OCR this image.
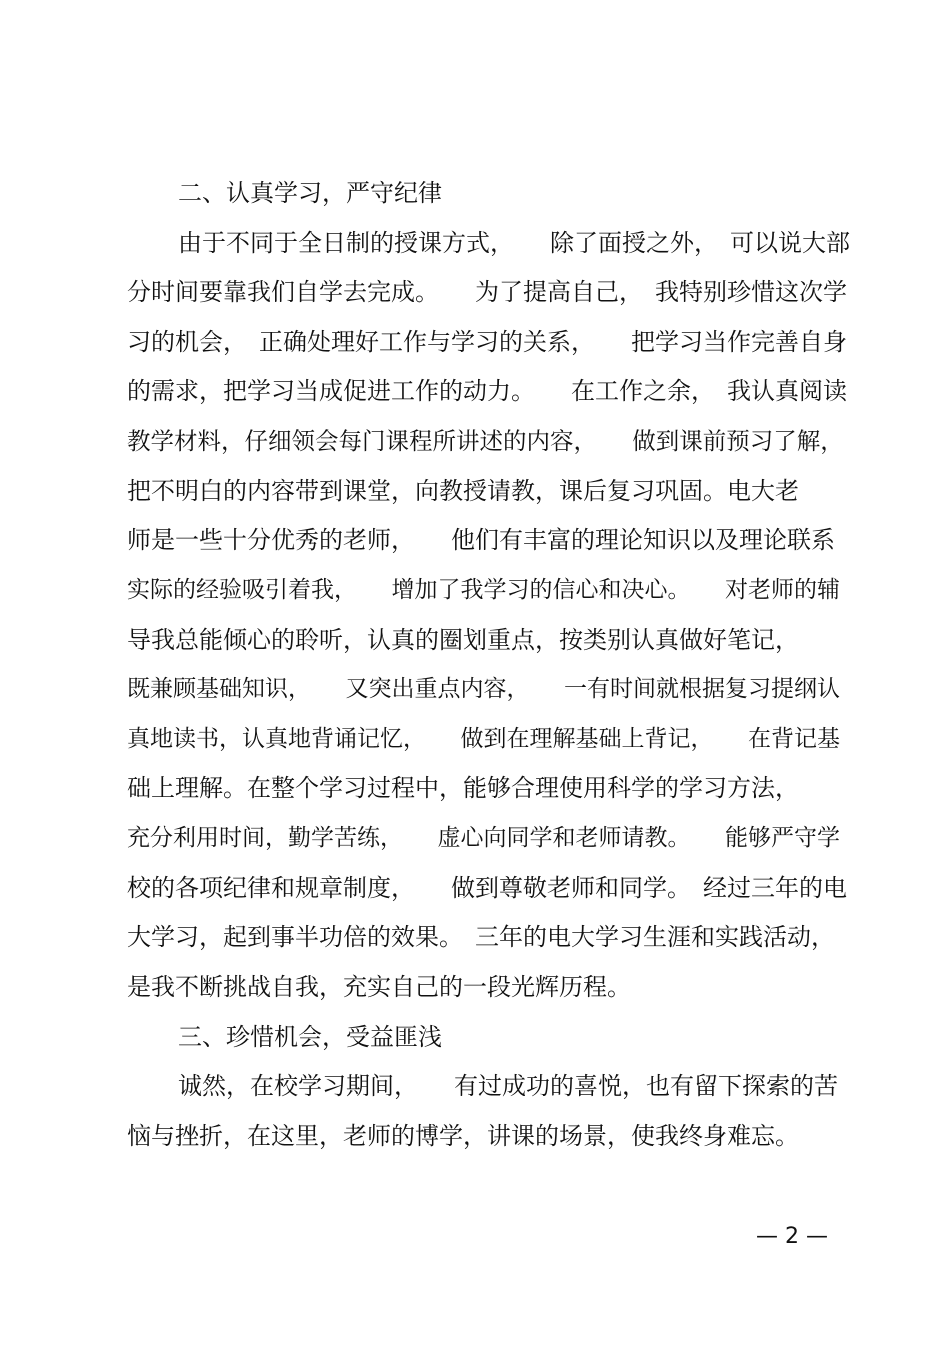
二、认真学习，严守纪律
由于不同于全日制的授课方式，　　除了面授之外，　可以说大部
分时间要靠我们自学去完成。　　为了提高自己，　我特别珍惜这次学
习的机会，　正确处理好工作与学习的关系，　　把学习当作完善自身
的需求，把学习当成促进工作的动力。　　在工作之余，　我认真阅读
教学材料，仔细领会每门课程所讲述的内容，　　做到课前预习了解，
把不明白的内容带到课堂，向教授请教，课后复习巩固。电大老
师是一些十分优秀的老师，　　他们有丰富的理论知识以及理论联系
实际的经验吸引着我，　　增加了我学习的信心和决心。　　对老师的辅
导我总能倾心的聆听，认真的圈划重点，按类别认真做好笔记，
既兼顾基础知识，　　又突出重点内容，　　一有时间就根据复习提纲认
真地读书，认真地背诵记忆，　　做到在理解基础上背记，　　在背记基
础上理解。在整个学习过程中，能够合理使用科学的学习方法，
充分利用时间，勤学苦练，　　虚心向同学和老师请教。　　能够严守学
校的各项纪律和规章制度，　　做到尊敬老师和同学。　经过三年的电
大学习，起到事半功倍的效果。　三年的电大学习生涯和实践活动，
是我不断挑战自我，充实自己的一段光辉历程。
三、珍惜机会，受益匪浅
诚然，在校学习期间，　　有过成功的喜悦，也有留下探索的苦
恼与挫折，在这里，老师的博学，讲课的场景，使我终身难忘。
— 2 —
